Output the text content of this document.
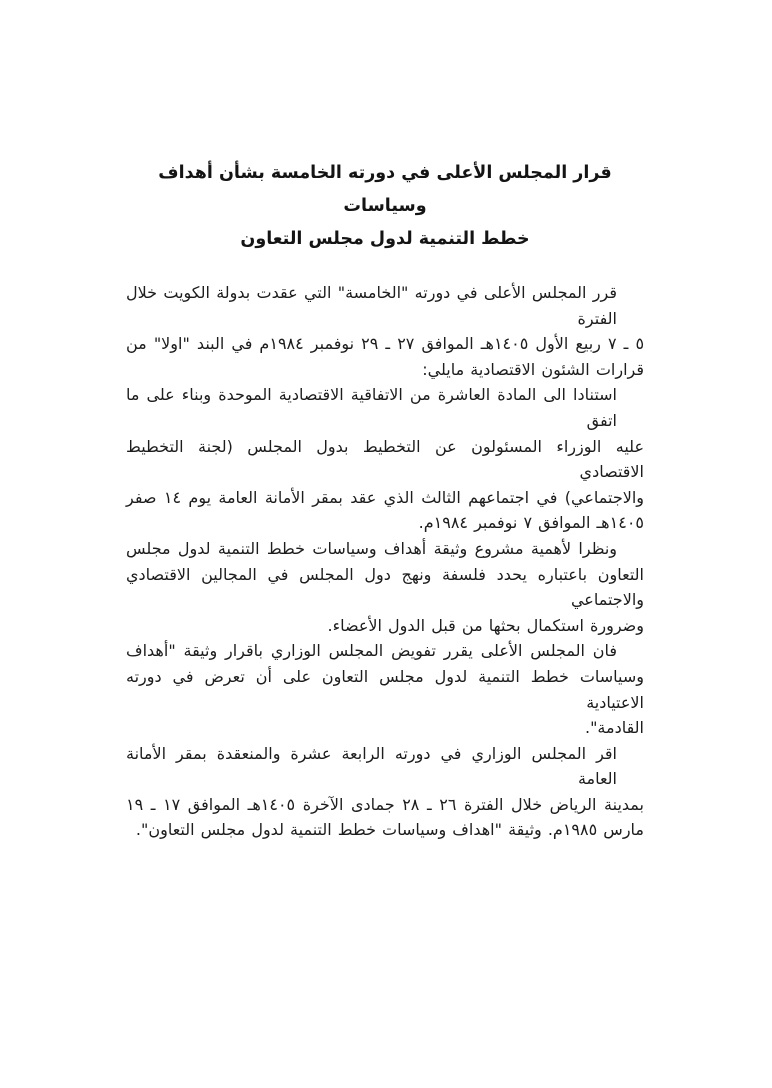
قرار المجلس الأعلى في دورته الخامسة بشأن أهداف وسياسات
خطط التنمية لدول مجلس التعاون
قرر المجلس الأعلى في دورته "الخامسة" التي عقدت بدولة الكويت خلال الفترة
٥ ـ ٧ ربيع الأول ١٤٠٥هـ الموافق ٢٧ ـ ٢٩ نوفمبر ١٩٨٤م في البند "اولا" من
قرارات الشئون الاقتصادية مايلي:
استنادا الى المادة العاشرة من الاتفاقية الاقتصادية الموحدة وبناء على ما اتفق
عليه الوزراء المسئولون عن التخطيط بدول المجلس (لجنة التخطيط الاقتصادي
والاجتماعي) في اجتماعهم الثالث الذي عقد بمقر الأمانة العامة يوم ١٤ صفر
١٤٠٥هـ الموافق ٧ نوفمبر ١٩٨٤م.
ونظرا لأهمية مشروع وثيقة أهداف وسياسات خطط التنمية لدول مجلس
التعاون باعتباره يحدد فلسفة ونهج دول المجلس في المجالين الاقتصادي والاجتماعي
وضرورة استكمال بحثها من قبل الدول الأعضاء.
فان المجلس الأعلى يقرر تفويض المجلس الوزاري باقرار وثيقة "أهداف
وسياسات خطط التنمية لدول مجلس التعاون على أن تعرض في دورته الاعتيادية
القادمة".
اقر المجلس الوزاري في دورته الرابعة عشرة والمنعقدة بمقر الأمانة العامة
بمدينة الرياض خلال الفترة ٢٦ ـ ٢٨ جمادى الآخرة ١٤٠٥هـ الموافق ١٧ ـ ١٩
مارس ١٩٨٥م. وثيقة "اهداف وسياسات خطط التنمية لدول مجلس التعاون".
